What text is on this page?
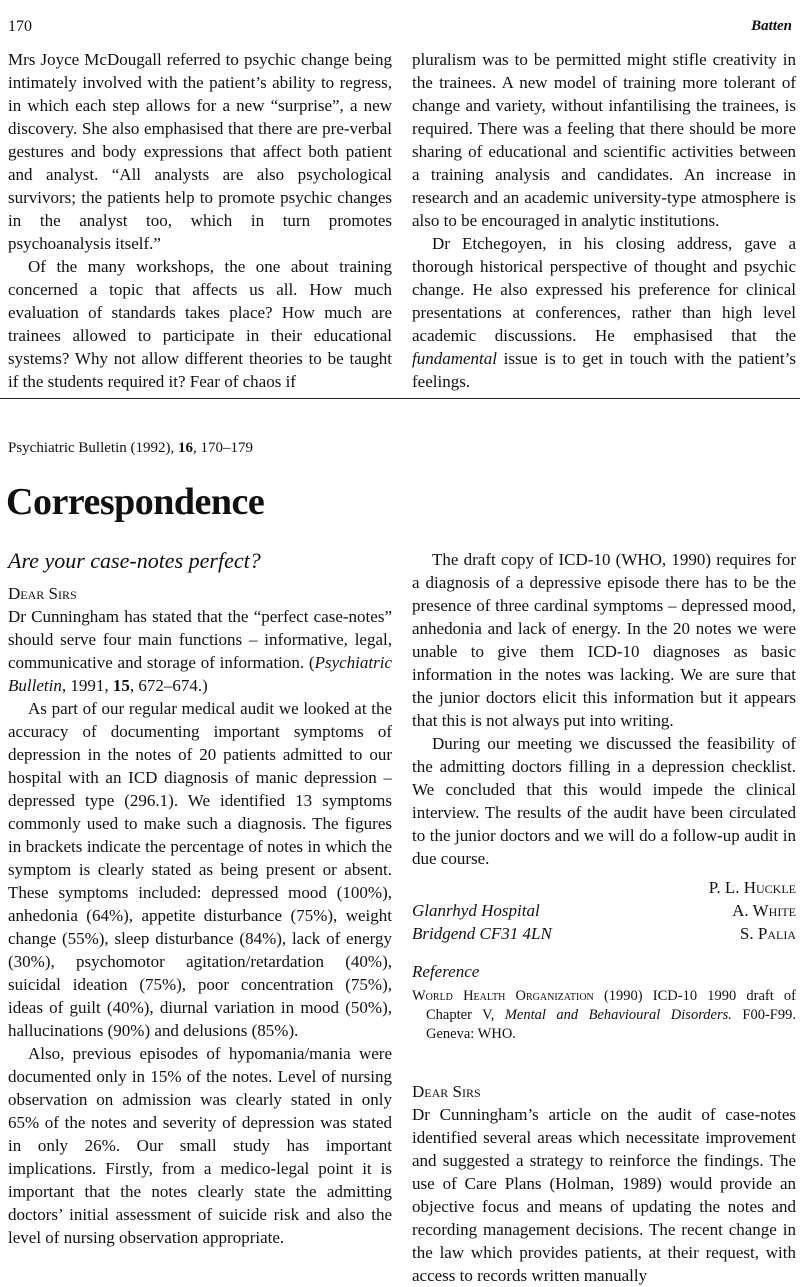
170	Batten

Mrs Joyce McDougall referred to psychic change being intimately involved with the patient’s ability to regress, in which each step allows for a new “surprise”, a new discovery. She also emphasised that there are pre-verbal gestures and body expressions that affect both patient and analyst. “All analysts are also psychological survivors; the patients help to promote psychic changes in the analyst too, which in turn promotes psychoanalysis itself.”

Of the many workshops, the one about training concerned a topic that affects us all. How much evaluation of standards takes place? How much are trainees allowed to participate in their educational systems? Why not allow different theories to be taught if the students required it? Fear of chaos if

pluralism was to be permitted might stifle creativity in the trainees. A new model of training more tolerant of change and variety, without infantilising the trainees, is required. There was a feeling that there should be more sharing of educational and scientific activities between a training analysis and candidates. An increase in research and an academic university-type atmosphere is also to be encouraged in analytic institutions.

Dr Etchegoyen, in his closing address, gave a thorough historical perspective of thought and psychic change. He also expressed his preference for clinical presentations at conferences, rather than high level academic discussions. He emphasised that the fundamental issue is to get in touch with the patient’s feelings.

Psychiatric Bulletin (1992), 16, 170–179
Correspondence
Are your case-notes perfect?
Dear Sirs

Dr Cunningham has stated that the “perfect case-notes” should serve four main functions – informative, legal, communicative and storage of information. (Psychiatric Bulletin, 1991, 15, 672–674.)

As part of our regular medical audit we looked at the accuracy of documenting important symptoms of depression in the notes of 20 patients admitted to our hospital with an ICD diagnosis of manic depression – depressed type (296.1). We identified 13 symptoms commonly used to make such a diagnosis. The figures in brackets indicate the percentage of notes in which the symptom is clearly stated as being present or absent. These symptoms included: depressed mood (100%), anhedonia (64%), appetite disturbance (75%), weight change (55%), sleep disturbance (84%), lack of energy (30%), psychomotor agitation/retardation (40%), suicidal ideation (75%), poor concentration (75%), ideas of guilt (40%), diurnal variation in mood (50%), hallucinations (90%) and delusions (85%).

Also, previous episodes of hypomania/mania were documented only in 15% of the notes. Level of nursing observation on admission was clearly stated in only 65% of the notes and severity of depression was stated in only 26%. Our small study has important implications. Firstly, from a medico-legal point it is important that the notes clearly state the admitting doctors’ initial assessment of suicide risk and also the level of nursing observation appropriate.

The draft copy of ICD-10 (WHO, 1990) requires for a diagnosis of a depressive episode there has to be the presence of three cardinal symptoms – depressed mood, anhedonia and lack of energy. In the 20 notes we were unable to give them ICD-10 diagnoses as basic information in the notes was lacking. We are sure that the junior doctors elicit this information but it appears that this is not always put into writing.

During our meeting we discussed the feasibility of the admitting doctors filling in a depression checklist. We concluded that this would impede the clinical interview. The results of the audit have been circulated to the junior doctors and we will do a follow-up audit in due course.

P. L. Huckle
Glanrhyd Hospital	A. White
Bridgend CF31 4LN	S. Palia
Reference
World Health Organization (1990) ICD-10 1990 draft of Chapter V, Mental and Behavioural Disorders. F00-F99. Geneva: WHO.
Dear Sirs

Dr Cunningham’s article on the audit of case-notes identified several areas which necessitate improvement and suggested a strategy to reinforce the findings. The use of Care Plans (Holman, 1989) would provide an objective focus and means of updating the notes and recording management decisions. The recent change in the law which provides patients, at their request, with access to records written manually
